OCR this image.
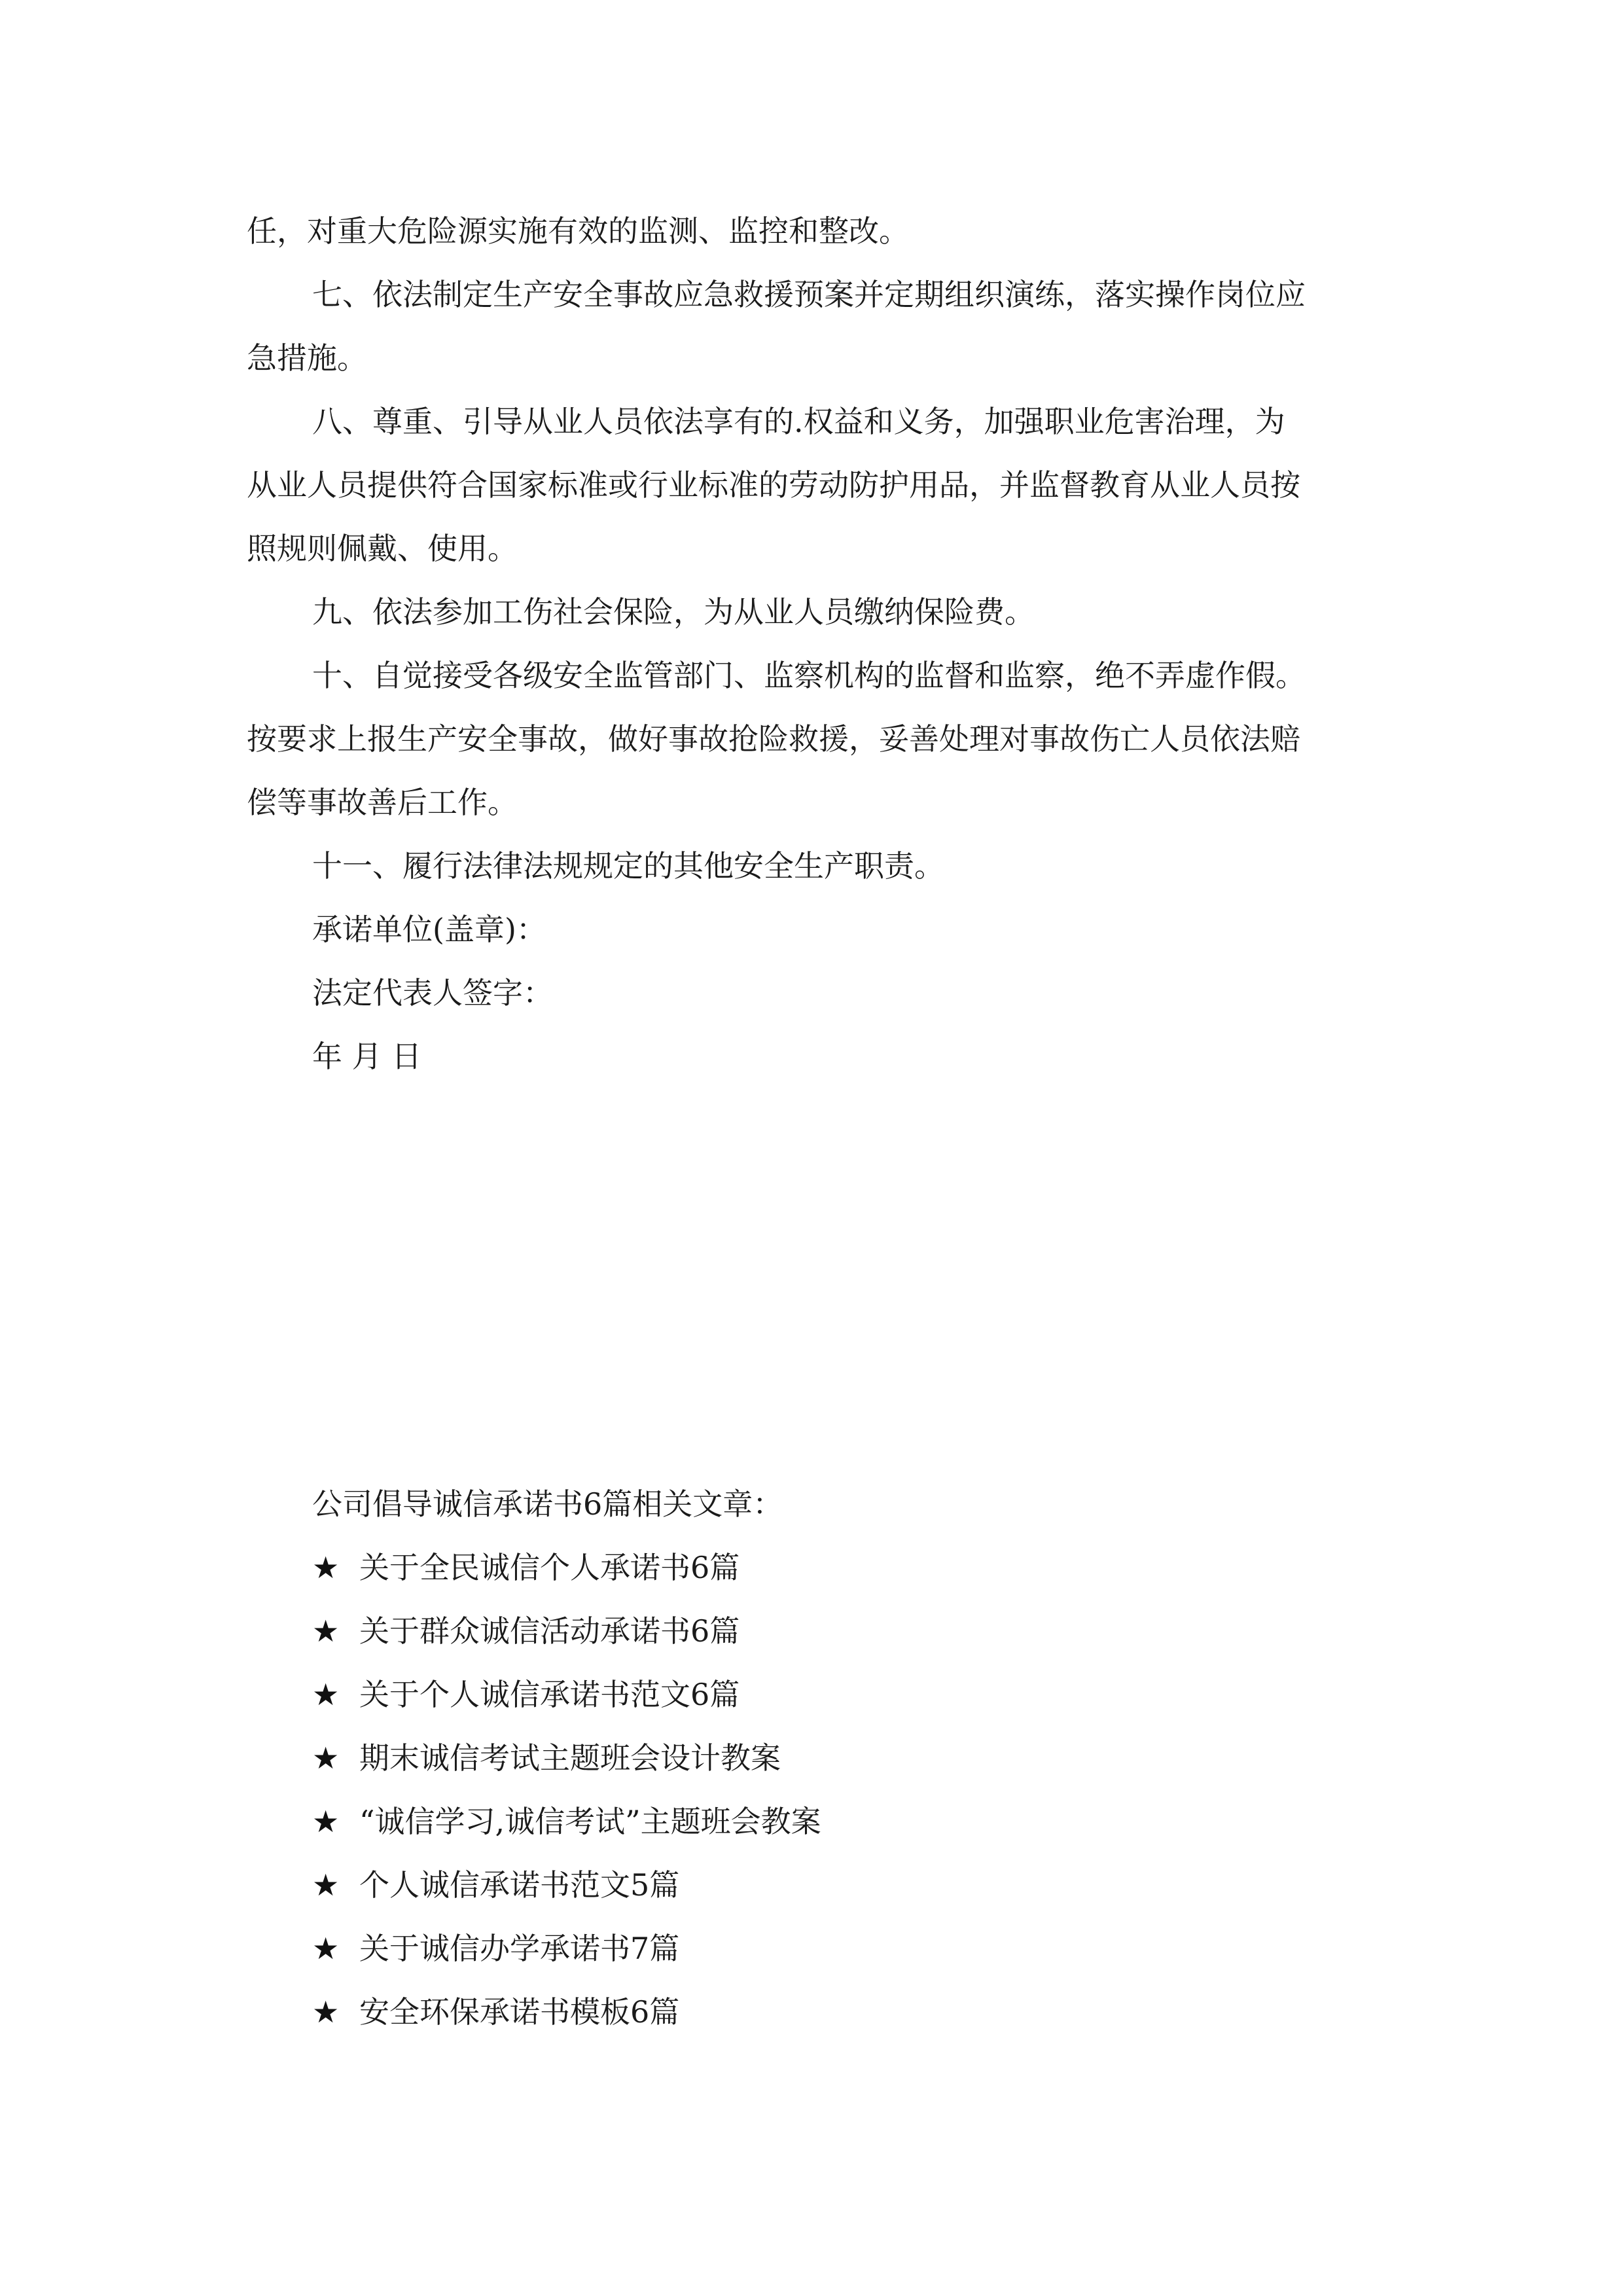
任，对重大危险源实施有效的监测、监控和整改。

七、依法制定生产安全事故应急救援预案并定期组织演练，落实操作岗位应
急措施。

八、尊重、引导从业人员依法享有的.权益和义务，加强职业危害治理，为
从业人员提供符合国家标准或行业标准的劳动防护用品，并监督教育从业人员按
照规则佩戴、使用。

九、依法参加工伤社会保险，为从业人员缴纳保险费。

十、自觉接受各级安全监管部门、监察机构的监督和监察，绝不弄虚作假。
按要求上报生产安全事故，做好事故抢险救援，妥善处理对事故伤亡人员依法赔
偿等事故善后工作。

十一、履行法律法规规定的其他安全生产职责。

承诺单位(盖章)：

法定代表人签字：

年 月 日

公司倡导诚信承诺书6篇相关文章：

★ 关于全民诚信个人承诺书6篇
★ 关于群众诚信活动承诺书6篇
★ 关于个人诚信承诺书范文6篇
★ 期末诚信考试主题班会设计教案
★ “诚信学习,诚信考试”主题班会教案
★ 个人诚信承诺书范文5篇
★ 关于诚信办学承诺书7篇
★ 安全环保承诺书模板6篇
